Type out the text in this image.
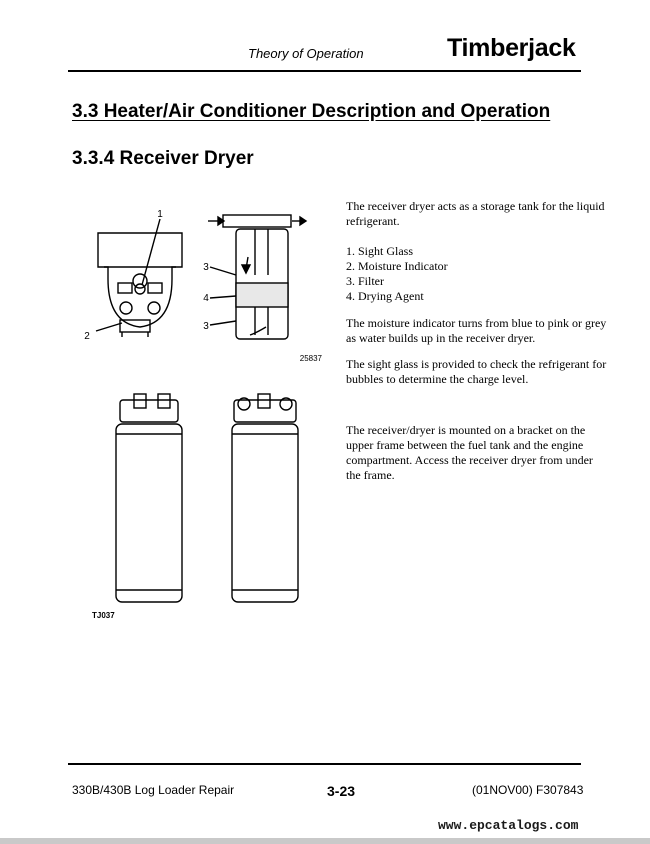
Theory of Operation	Timberjack
3.3 Heater/Air Conditioner Description and Operation
3.3.4 Receiver Dryer
1
2
3
4
3
25837
TJ037
The receiver dryer acts as a storage tank for the liquid refrigerant.
1. Sight Glass
2. Moisture Indicator
3. Filter
4. Drying Agent
The moisture indicator turns from blue to pink or grey as water builds up in the receiver dryer.
The sight glass is provided to check the refrigerant for bubbles to determine the charge level.
The receiver/dryer is mounted on a bracket on the upper frame between the fuel tank and the engine compartment. Access the receiver dryer from under the frame.
330B/430B Log Loader Repair	3-23	(01NOV00) F307843
www.epcatalogs.com
